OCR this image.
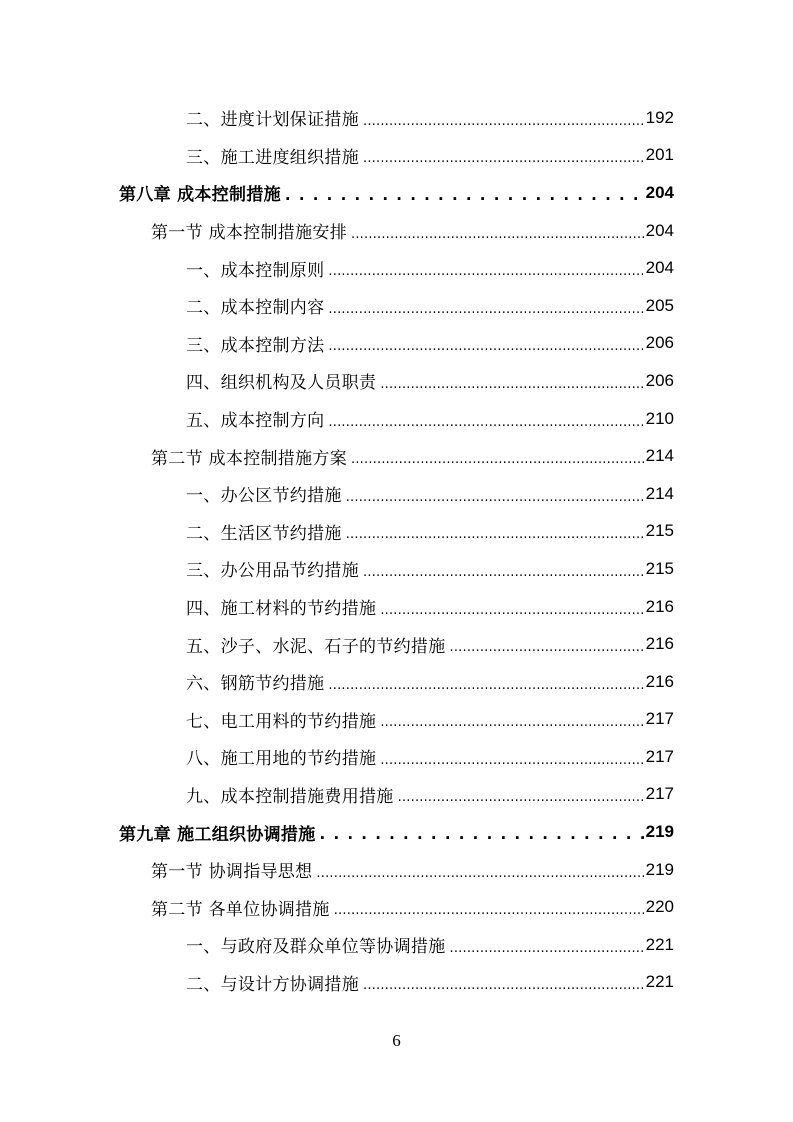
二、进度计划保证措施 .....	192
三、施工进度组织措施 .....	201
第八章 成本控制措施 . . .	204
第一节 成本控制措施安排 .....	204
一、成本控制原则 .....	204
二、成本控制内容 .....	205
三、成本控制方法 .....	206
四、组织机构及人员职责 .....	206
五、成本控制方向 .....	210
第二节 成本控制措施方案 .....	214
一、办公区节约措施 .....	214
二、生活区节约措施 .....	215
三、办公用品节约措施 .....	215
四、施工材料的节约措施 .....	216
五、沙子、水泥、石子的节约措施 .....	216
六、钢筋节约措施 .....	216
七、电工用料的节约措施 .....	217
八、施工用地的节约措施 .....	217
九、成本控制措施费用措施 .....	217
第九章 施工组织协调措施 . . .	219
第一节 协调指导思想 .....	219
第二节 各单位协调措施 .....	220
一、与政府及群众单位等协调措施 .....	221
二、与设计方协调措施 .....	221
6
